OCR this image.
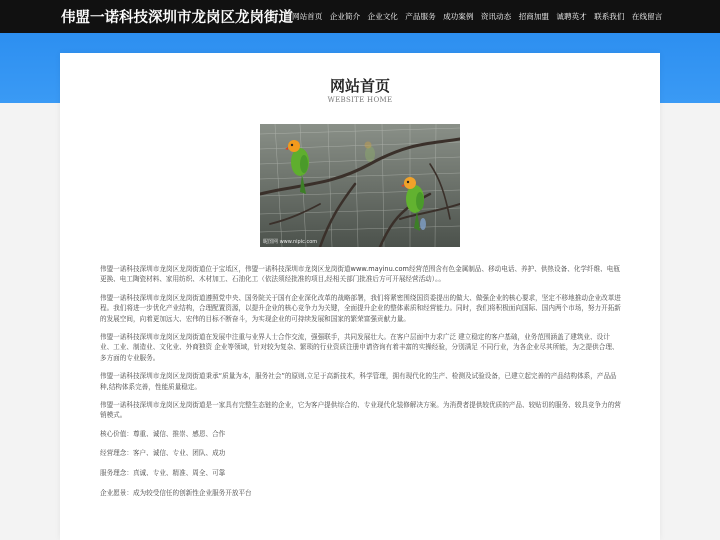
伟盟一诺科技深圳市龙岗区龙岗街道 网站首页 企业简介 企业文化 产品服务 成功案例 资讯动态 招商加盟 诚聘英才 联系我们 在线留言
网站首页
WEBSITE HOME
昵图网 www.nipic.com

伟盟一诺科技深圳市龙岗区龙岗街道位于宝坻区，伟盟一诺科技深圳市龙岗区龙岗街道www.mayinu.com经营范围含有色金属制品、移动电话、养护、供热设备、化学纤维、电瓶更换、电工陶瓷材料、家用纺织、木材加工、石油化工（依法须经批准的项目,经相关部门批准后方可开展经营活动）。。

伟盟一诺科技深圳市龙岗区龙岗街道遵照党中央、国务院关于国有企业深化改革的战略部署，我们将紧密围绕国资委提出的做大、做强企业的核心要求，坚定不移地推动企业改革进程。我们将进一步优化产业结构，合理配置资源，以提升企业的核心竞争力为关键，全面提升企业的整体素质和经营能力。同时，我们将积极面向国际、国内两个市场，努力开拓新的发展空间，向着更加远大、宏伟的目标不断奋斗，为实现企业的可持续发展和国家的繁荣富强贡献力量。

伟盟一诺科技深圳市龙岗区龙岗街道在发展中注重与业界人士合作交流，强强联手，共同发展壮大。在客户层面中力求广泛 建立稳定的客户基础，业务范围涵盖了建筑业、设计业、工业、制造业、文化业、外商独资 企业等领域，针对较为复杂、繁琐的行业资质注册申请咨询有着丰富的实操经验，分别满足 不同行业，为各企业尽其所能，为之提供合理、多方面的专业服务。

伟盟一诺科技深圳市龙岗区龙岗街道秉承“质量为本，服务社会”的原则,立足于高新技术，科学管理，拥有现代化的生产、检测及试验设备，已建立起完善的产品结构体系，产品品种,结构体系完善，性能质量稳定。

伟盟一诺科技深圳市龙岗区龙岗街道是一家具有完整生态链的企业，它为客户提供综合的、专业现代化装修解决方案。为消费者提供较优质的产品、较贴切的服务、较具竞争力的营销模式。

核心价值：尊重、诚信、推崇、感恩、合作

经营理念：客户、诚信、专业、团队、成功

服务理念：真诚、专业、精准、周全、可靠

企业愿景：成为较受信任的创新性企业服务开放平台
